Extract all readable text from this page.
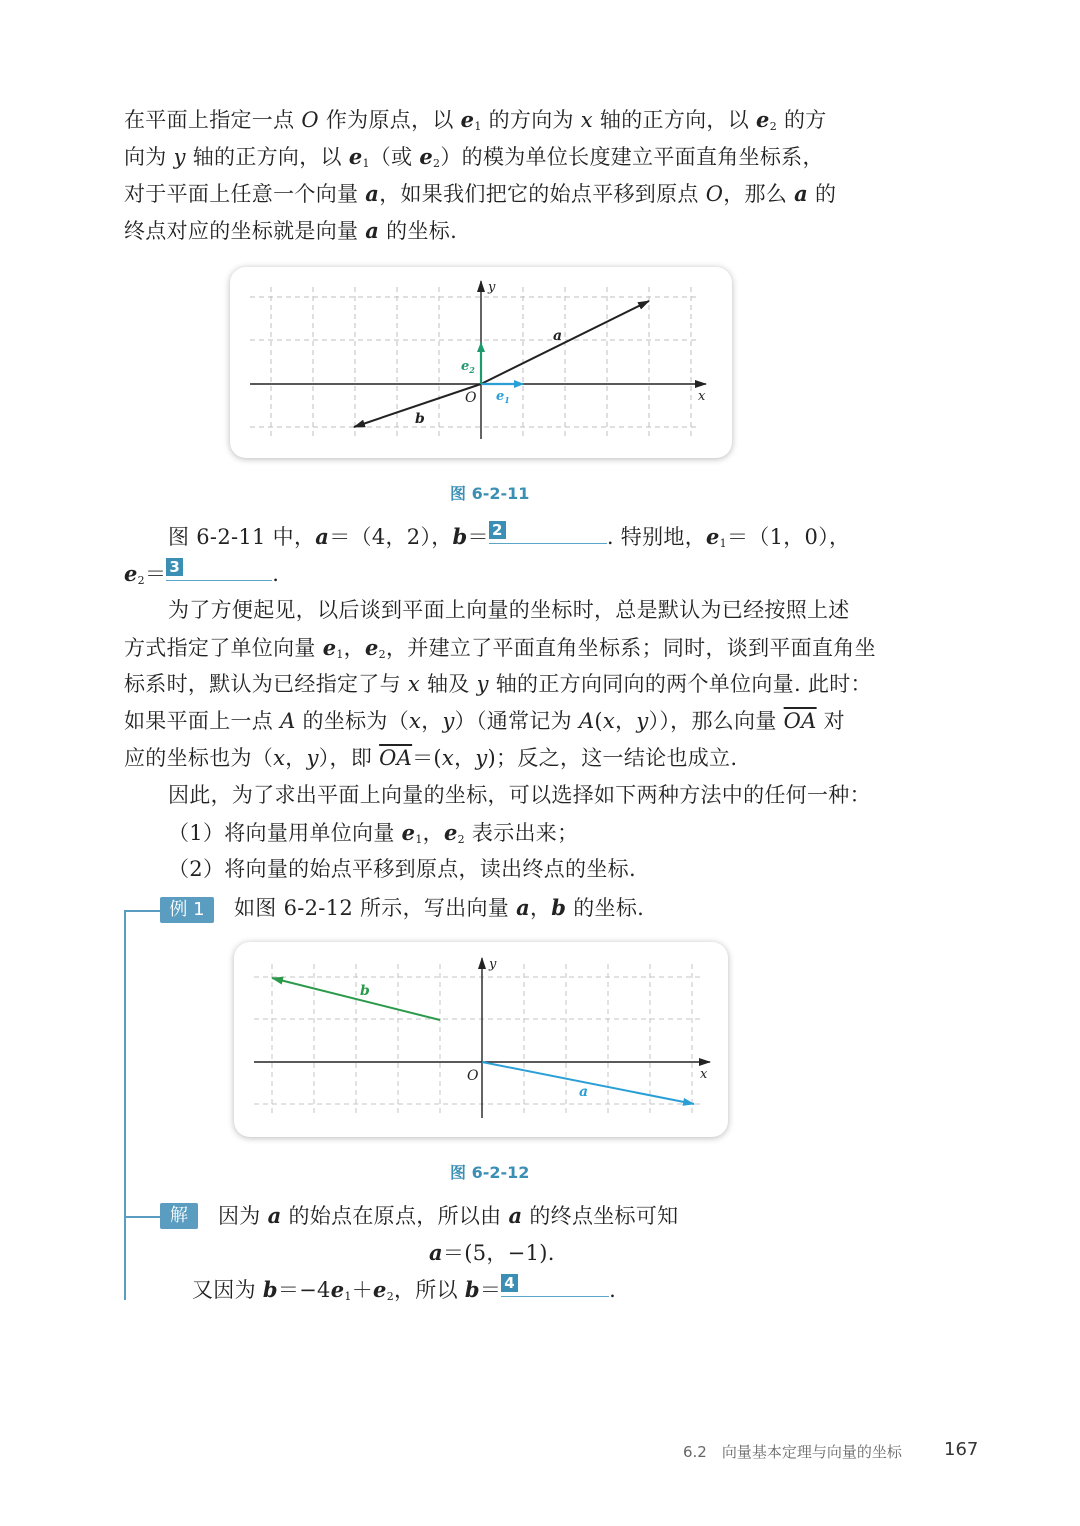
在平面上指定一点 O 作为原点，以 $e_1$ 的方向为 x 轴的正方向，以 $e_2$ 的方
向为 y 轴的正方向，以 $e_1$（或 $e_2$）的模为单位长度建立平面直角坐标系，
对于平面上任意一个向量 a，如果我们把它的始点平移到原点 O，那么 a 的
终点对应的坐标就是向量 a 的坐标.
y
x
O
a
b
$e_1$
$e_2$
图 6-2-11
图 6-2-11 中，a＝（4，2），b＝ 2	. 特别地，$e_1=(1$，0），
$e_2= 3$	.
为了方便起见，以后谈到平面上向量的坐标时，总是默认为已经按照上述
方式指定了单位向量 $e_1$，$e_2$，并建立了平面直角坐标系；同时，谈到平面直角坐
标系时，默认为已经指定了与 x 轴及 y 轴的正方向同向的两个单位向量. 此时：
如果平面上一点 A 的坐标为（x，y）（通常记为 A(x，y）），那么向量 $\overline{OA}$ 对
应的坐标也为（x，y），即 $\overline{OA}=(x$，y)；反之，这一结论也成立.
因此，为了求出平面上向量的坐标，可以选择如下两种方法中的任何一种：
（1）将向量用单位向量 $e_1$，$e_2$ 表示出来；
（2）将向量的始点平移到原点，读出终点的坐标.
例 1	如图 6-2-12 所示，写出向量 a，b 的坐标.
y
x
O
a
b
图 6-2-12
解	因为 a 的始点在原点，所以由 a 的终点坐标可知
a＝(5，−1).
又因为 $b=-4e_1+e_2$，所以 b＝ 4	.
6.2　向量基本定理与向量的坐标 167
